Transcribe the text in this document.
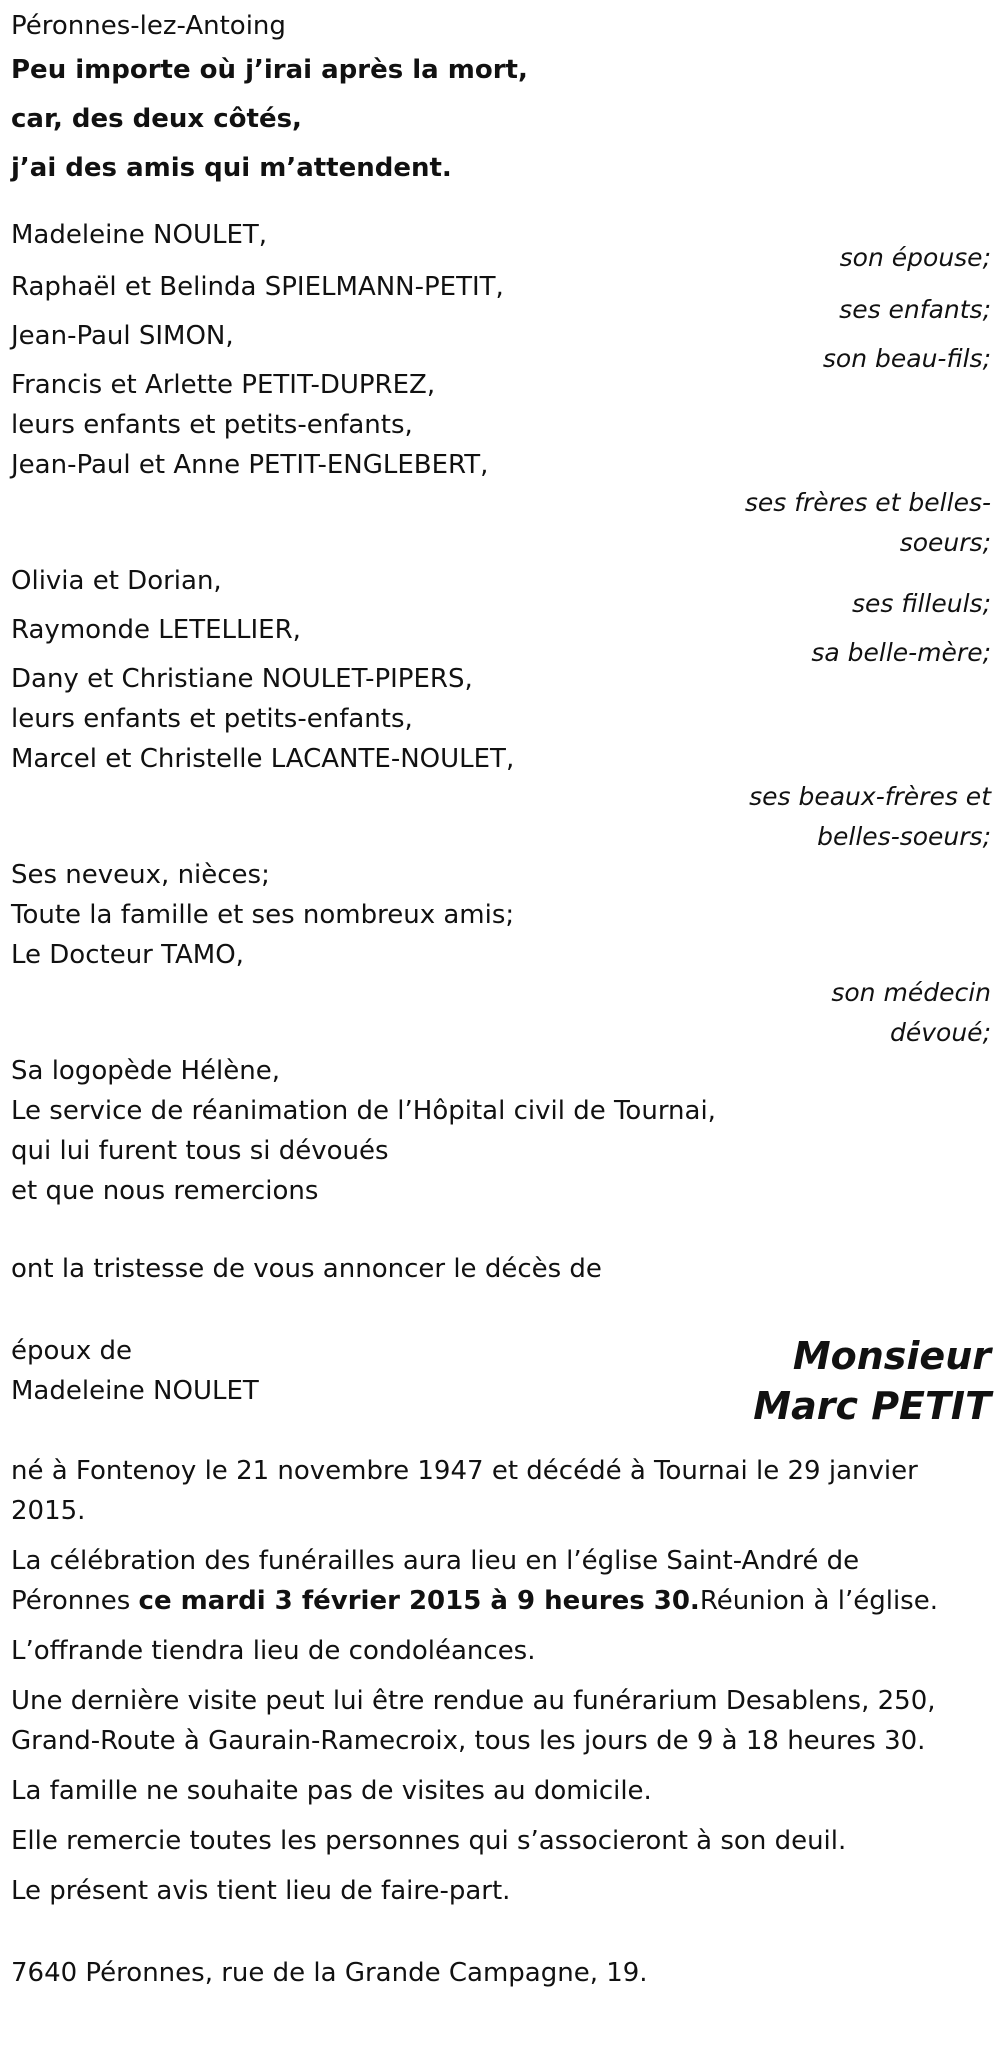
Péronnes-lez-Antoing

Peu importe où j’irai après la mort,
car, des deux côtés,
j’ai des amis qui m’attendent.
Madeleine NOULET,
son épouse;
Raphaël et Belinda SPIELMANN-PETIT,
ses enfants;
Jean-Paul SIMON,
son beau-fils;
Francis et Arlette PETIT-DUPREZ,
leurs enfants et petits-enfants,
Jean-Paul et Anne PETIT-ENGLEBERT,
ses frères et belles-
soeurs;
Olivia et Dorian,
ses filleuls;
Raymonde LETELLIER,
sa belle-mère;
Dany et Christiane NOULET-PIPERS,
leurs enfants et petits-enfants,
Marcel et Christelle LACANTE-NOULET,
ses beaux-frères et
belles-soeurs;
Ses neveux, nièces;
Toute la famille et ses nombreux amis;
Le Docteur TAMO,
son médecin
dévoué;
Sa logopède Hélène,
Le service de réanimation de l’Hôpital civil de Tournai,
qui lui furent tous si dévoués
et que nous remercions

ont la tristesse de vous annoncer le décès de

époux de
Madeleine NOULET
Monsieur
Marc PETIT

né à Fontenoy le 21 novembre 1947 et décédé à Tournai le 29 janvier 2015.

La célébration des funérailles aura lieu en l’église Saint-André de Péronnes ce mardi 3 février 2015 à 9 heures 30.Réunion à l’église.

L’offrande tiendra lieu de condoléances.

Une dernière visite peut lui être rendue au funérarium Desablens, 250, Grand-Route à Gaurain-Ramecroix, tous les jours de 9 à 18 heures 30.

La famille ne souhaite pas de visites au domicile.

Elle remercie toutes les personnes qui s’associeront à son deuil.

Le présent avis tient lieu de faire-part.

7640 Péronnes, rue de la Grande Campagne, 19.
